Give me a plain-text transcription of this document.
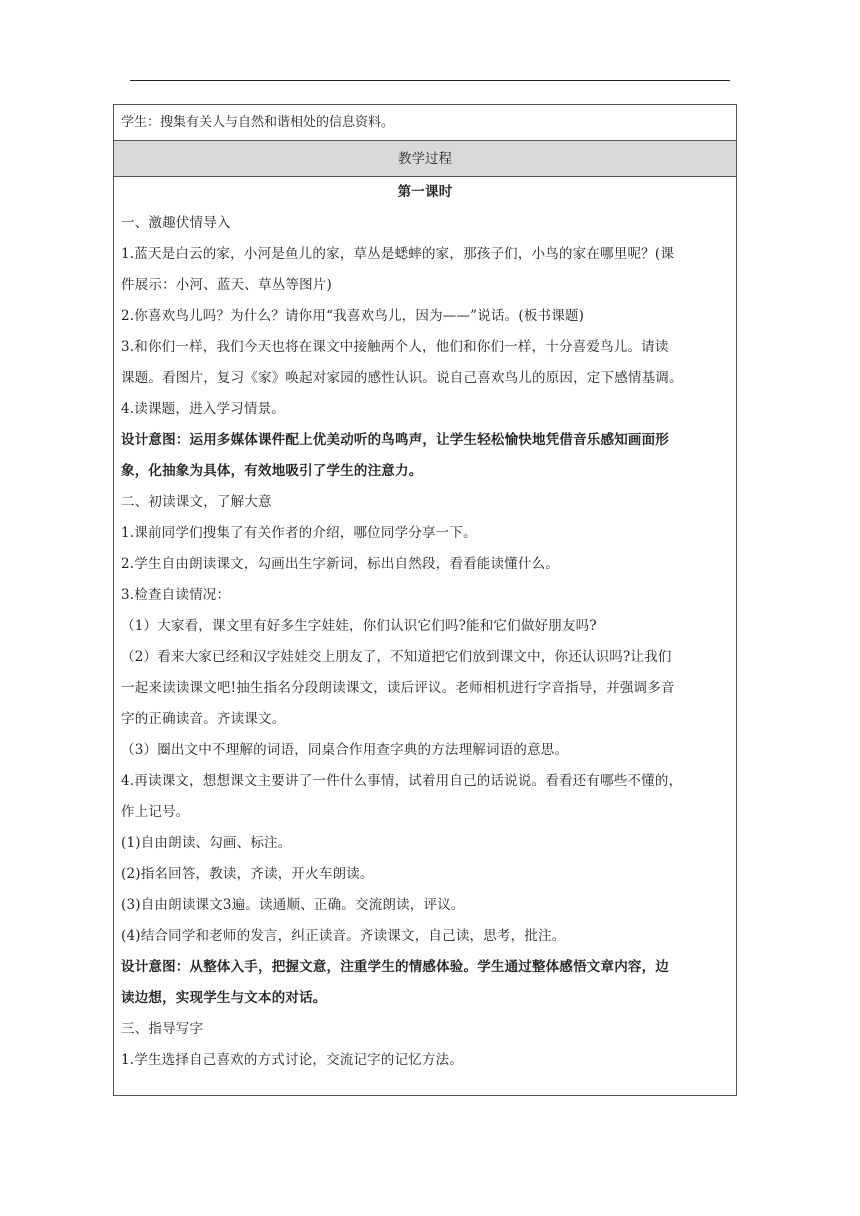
学生：搜集有关人与自然和谐相处的信息资料。
教学过程
第一课时
一、激趣伏情导入
1.蓝天是白云的家，小河是鱼儿的家，草丛是蟋蟀的家，那孩子们，小鸟的家在哪里呢？(课
件展示：小河、蓝天、草丛等图片)
2.你喜欢鸟儿吗？为什么？请你用“我喜欢鸟儿，因为——”说话。(板书课题)
3.和你们一样，我们今天也将在课文中接触两个人，他们和你们一样，十分喜爱鸟儿。请读
课题。看图片，复习《家》唤起对家园的感性认识。说自己喜欢鸟儿的原因，定下感情基调。
4.读课题，进入学习情景。
设计意图：运用多媒体课件配上优美动听的鸟鸣声，让学生轻松愉快地凭借音乐感知画面形
象，化抽象为具体，有效地吸引了学生的注意力。
二、初读课文，了解大意
1.课前同学们搜集了有关作者的介绍，哪位同学分享一下。
2.学生自由朗读课文，勾画出生字新词，标出自然段，看看能读懂什么。
3.检查自读情况：
（1）大家看，课文里有好多生字娃娃，你们认识它们吗?能和它们做好朋友吗?
（2）看来大家已经和汉字娃娃交上朋友了，不知道把它们放到课文中，你还认识吗?让我们
一起来读读课文吧!抽生指名分段朗读课文，读后评议。老师相机进行字音指导，并强调多音
字的正确读音。齐读课文。
（3）圈出文中不理解的词语，同桌合作用查字典的方法理解词语的意思。
4.再读课文，想想课文主要讲了一件什么事情，试着用自己的话说说。看看还有哪些不懂的，
作上记号。
(1)自由朗读、勾画、标注。
(2)指名回答，教读，齐读，开火车朗读。
(3)自由朗读课文3遍。读通顺、正确。交流朗读，评议。
(4)结合同学和老师的发言，纠正读音。齐读课文，自己读，思考，批注。
设计意图：从整体入手，把握文意，注重学生的情感体验。学生通过整体感悟文章内容，边
读边想，实现学生与文本的对话。
三、指导写字
1.学生选择自己喜欢的方式讨论，交流记字的记忆方法。
